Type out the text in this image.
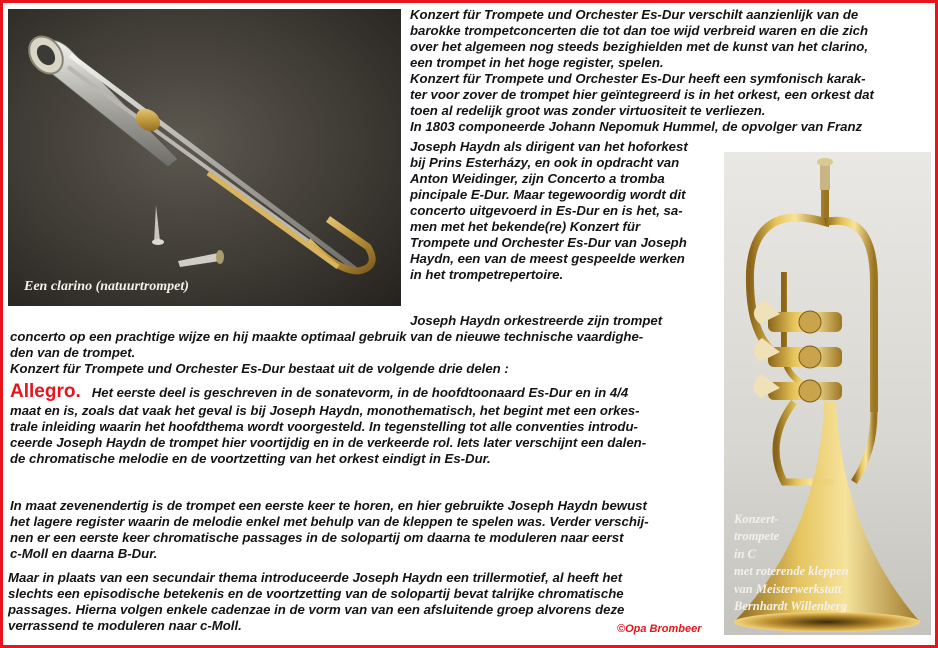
Een clarino (natuurtrompet)
Konzert-
trompete
in C
met roterende kleppen
van Meisterwerkstatt
Bernhardt Willenberg

Konzert für Trompete und Orchester Es-Dur verschilt aanzienlijk van de

barokke trompetconcerten die tot dan toe wijd verbreid waren en die zich

over het algemeen nog steeds bezighielden met de kunst van het clarino,

een trompet in het hoge register, spelen.

Konzert für Trompete und Orchester Es-Dur heeft een symfonisch karak-

ter voor zover de trompet hier geïntegreerd is in het orkest, een orkest dat

toen al redelijk groot was zonder virtuositeit te verliezen.

In 1803 componeerde Johann Nepomuk Hummel, de opvolger van Franz

Joseph Haydn als dirigent van het hoforkest

bij Prins Esterházy, en ook in opdracht van

Anton Weidinger, zijn Concerto a tromba

pincipale E-Dur. Maar tegewoordig wordt dit

concerto uitgevoerd in Es-Dur en is het, sa-

men met het bekende(re) Konzert für

Trompete und Orchester Es-Dur van Joseph

Haydn, een van de meest gespeelde werken

in het trompetrepertoire.

Joseph Haydn orkestreerde zijn trompet

concerto op een prachtige wijze en hij maakte optimaal gebruik van de nieuwe technische vaardighe-

den van de trompet.

Konzert für Trompete und Orchester Es-Dur bestaat uit de volgende drie delen :

Allegro. Het eerste deel is geschreven in de sonatevorm, in de hoofdtoonaard Es-Dur en in 4/4

maat en is, zoals dat vaak het geval is bij Joseph Haydn, monothematisch, het begint met een orkes-

trale inleiding waarin het hoofdthema wordt voorgesteld. In tegenstelling tot alle conventies introdu-

ceerde Joseph Haydn de trompet hier voortijdig en in de verkeerde rol. Iets later verschijnt een dalen-

de chromatische melodie en de voortzetting van het orkest eindigt in Es-Dur.

In maat zevenendertig is de trompet een eerste keer te horen, en hier gebruikte Joseph Haydn bewust

het lagere register waarin de melodie enkel met behulp van de kleppen te spelen was. Verder verschij-

nen er een eerste keer chromatische passages in de solopartij om daarna te moduleren naar eerst

c-Moll en daarna B-Dur.

Maar in plaats van een secundair thema introduceerde Joseph Haydn een trillermotief, al heeft het

slechts een episodische betekenis en de voortzetting van de solopartij bevat talrijke chromatische

passages. Hierna volgen enkele cadenzae in de vorm van van een afsluitende groep alvorens deze

verrassend te moduleren naar c-Moll.	©Opa Brombeer
